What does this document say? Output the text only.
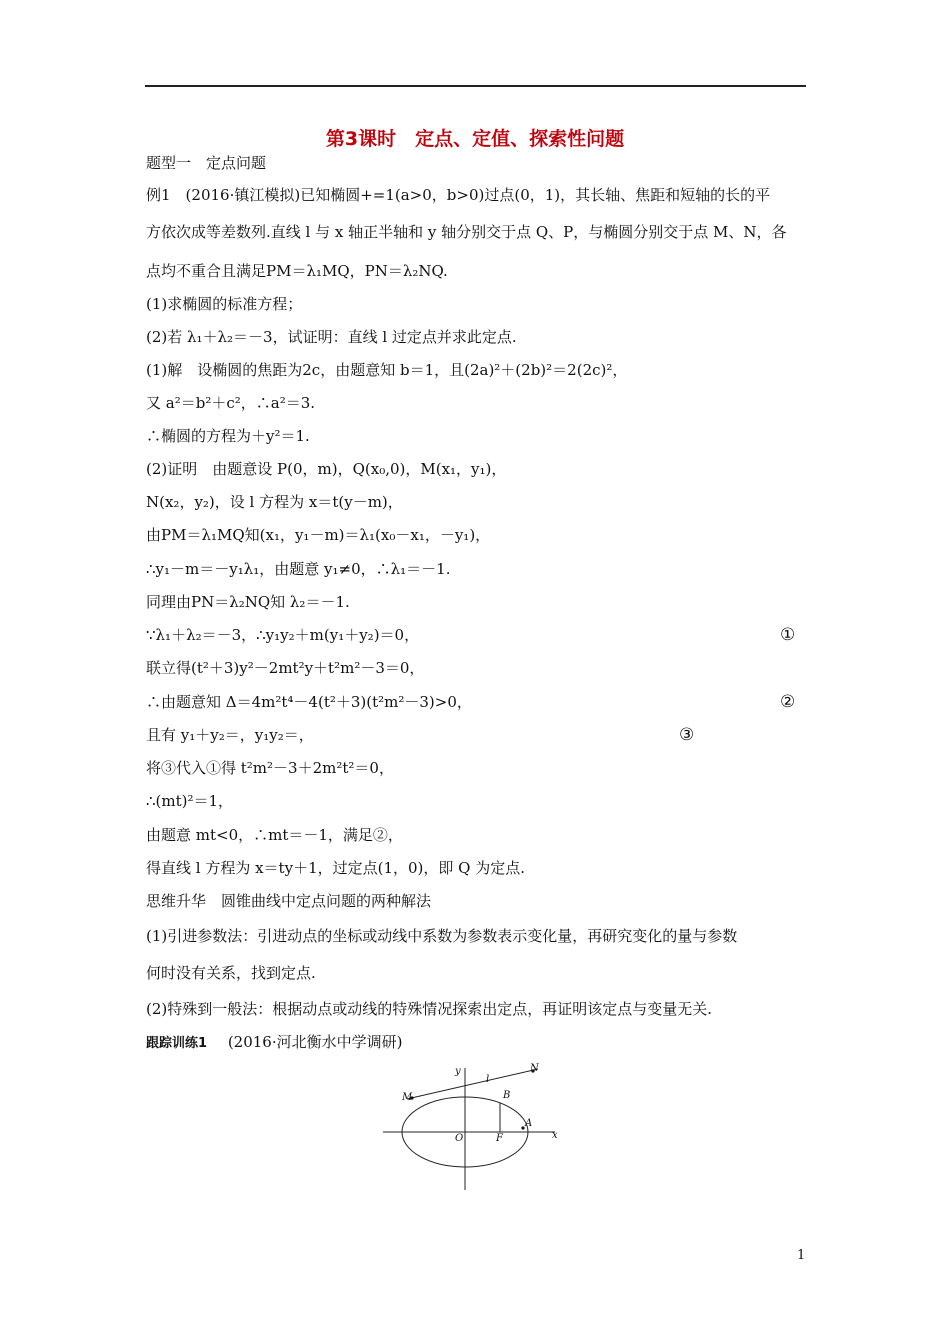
第3课时　定点、定值、探索性问题
题型一　定点问题
例1　(2016·镇江模拟)已知椭圆+=1(a>0，b>0)过点(0，1)，其长轴、焦距和短轴的长的平
方依次成等差数列.直线 l 与 x 轴正半轴和 y 轴分别交于点 Q、P，与椭圆分别交于点 M、N，各
点均不重合且满足PM＝λ₁MQ，PN＝λ₂NQ.
(1)求椭圆的标准方程；
(2)若 λ₁＋λ₂＝－3，试证明：直线 l 过定点并求此定点.
(1)解　设椭圆的焦距为2c，由题意知 b＝1，且(2a)²＋(2b)²＝2(2c)²，
又 a²＝b²＋c²，∴a²＝3.
∴椭圆的方程为＋y²＝1.
(2)证明　由题意设 P(0，m)，Q(x₀,0)，M(x₁，y₁)，
N(x₂，y₂)，设 l 方程为 x＝t(y－m)，
由PM＝λ₁MQ知(x₁，y₁－m)＝λ₁(x₀－x₁，－y₁)，
∴y₁－m＝－y₁λ₁，由题意 y₁≠0，∴λ₁＝－1.
同理由PN＝λ₂NQ知 λ₂＝－1.
∵λ₁＋λ₂＝－3，∴y₁y₂＋m(y₁＋y₂)＝0，
联立得(t²＋3)y²－2mt²y＋t²m²－3＝0，
∴由题意知 Δ＝4m²t⁴－4(t²＋3)(t²m²－3)>0，
且有 y₁＋y₂＝，y₁y₂＝，
将③代入①得 t²m²－3＋2m²t²＝0，
∴(mt)²＝1，
由题意 mt<0，∴mt＝－1，满足②，
得直线 l 方程为 x＝ty＋1，过定点(1，0)，即 Q 为定点.
思维升华　圆锥曲线中定点问题的两种解法
(1)引进参数法：引进动点的坐标或动线中系数为参数表示变化量，再研究变化的量与参数
何时没有关系，找到定点.
(2)特殊到一般法：根据动点或动线的特殊情况探索出定点，再证明该定点与变量无关.
①
②
③
跟踪训练1 (2016·河北衡水中学调研)
y
x
O	F
A
B
M
N
l
1
